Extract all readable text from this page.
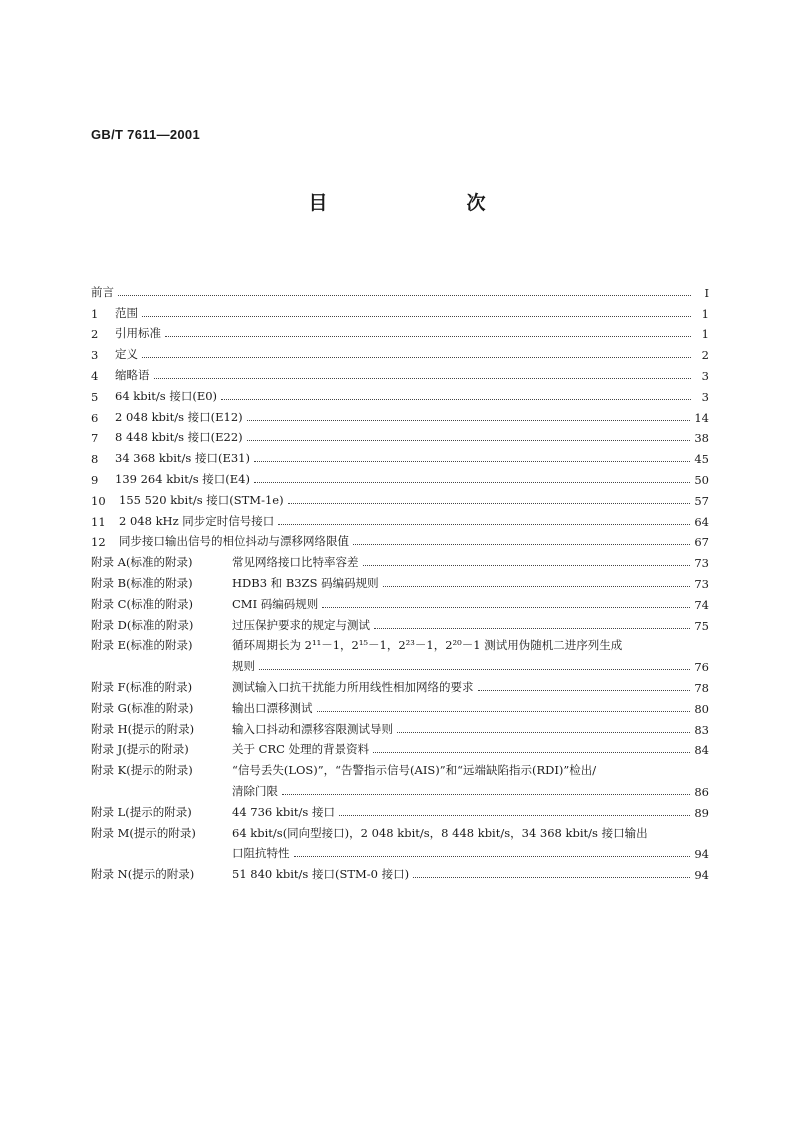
GB/T 7611—2001
目　次
前言	I
1	范围	1
2	引用标准	1
3	定义	2
4	缩略语	3
5	64 kbit/s 接口(E0)	3
6	2 048 kbit/s 接口(E12)	14
7	8 448 kbit/s 接口(E22)	38
8	34 368 kbit/s 接口(E31)	45
9	139 264 kbit/s 接口(E4)	50
10	155 520 kbit/s 接口(STM-1e)	57
11	2 048 kHz 同步定时信号接口	64
12	同步接口输出信号的相位抖动与漂移网络限值	67
附录 A(标准的附录)	常见网络接口比特率容差	73
附录 B(标准的附录)	HDB3 和 B3ZS 码编码规则	73
附录 C(标准的附录)	CMI 码编码规则	74
附录 D(标准的附录)	过压保护要求的规定与测试	75
附录 E(标准的附录)	循环周期长为 2¹¹－1，2¹⁵－1，2²³－1，2²⁰－1 测试用伪随机二进序列生成
规则	76
附录 F(标准的附录)	测试输入口抗干扰能力所用线性相加网络的要求	78
附录 G(标准的附录)	输出口漂移测试	80
附录 H(提示的附录)	输入口抖动和漂移容限测试导则	83
附录 J(提示的附录)	关于 CRC 处理的背景资料	84
附录 K(提示的附录)	“信号丢失(LOS)”，“告警指示信号(AIS)”和“远端缺陷指示(RDI)”检出/
清除门限	86
附录 L(提示的附录)	44 736 kbit/s 接口	89
附录 M(提示的附录)	64 kbit/s(同向型接口)，2 048 kbit/s，8 448 kbit/s，34 368 kbit/s 接口输出
口阻抗特性	94
附录 N(提示的附录)	51 840 kbit/s 接口(STM-0 接口)	94
